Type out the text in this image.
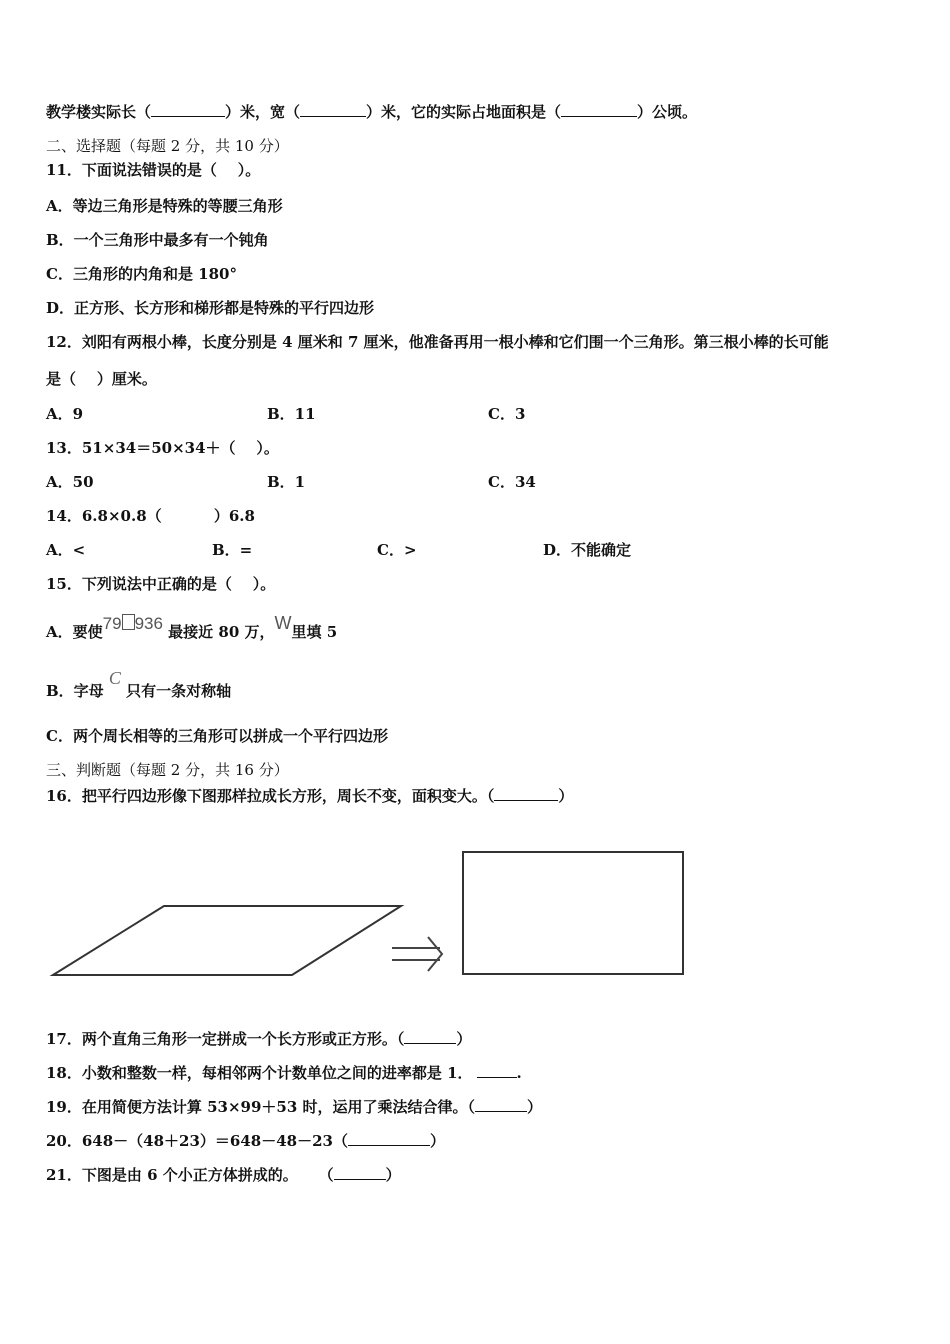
教学楼实际长（	）米，宽（	）米，它的实际占地面积是（	）公顷。
二、选择题（每题 2 分，共 10 分）
11．下面说法错误的是（    ）。
A．等边三角形是特殊的等腰三角形
B．一个三角形中最多有一个钝角
C．三角形的内角和是 180°
D．正方形、长方形和梯形都是特殊的平行四边形
12．刘阳有两根小棒，长度分别是 4 厘米和 7 厘米，他准备再用一根小棒和它们围一个三角形。第三根小棒的长可能
是（    ）厘米。
A．9	B．11	C．3
13．51×34＝50×34＋（    ）。
A．50	B．1	C．34
14．6.8×0.8（          ）6.8
A．<	B．=	C．>	D．不能确定
15．下列说法中正确的是（    ）。
A．要使79 936 最接近 80 万，W里填 5
B．字母 C 只有一条对称轴
C．两个周长相等的三角形可以拼成一个平行四边形
三、判断题（每题 2 分，共 16 分）
16．把平行四边形像下图那样拉成长方形，周长不变，面积变大。（	）
17．两个直角三角形一定拼成一个长方形或正方形。（	）
18．小数和整数一样，每相邻两个计数单位之间的进率都是 1．	.
19．在用简便方法计算 53×99＋53 时，运用了乘法结合律。（	）
20．648－（48＋23）＝648－48－23（	）
21．下图是由 6 个小正方体拼成的。    （	）
